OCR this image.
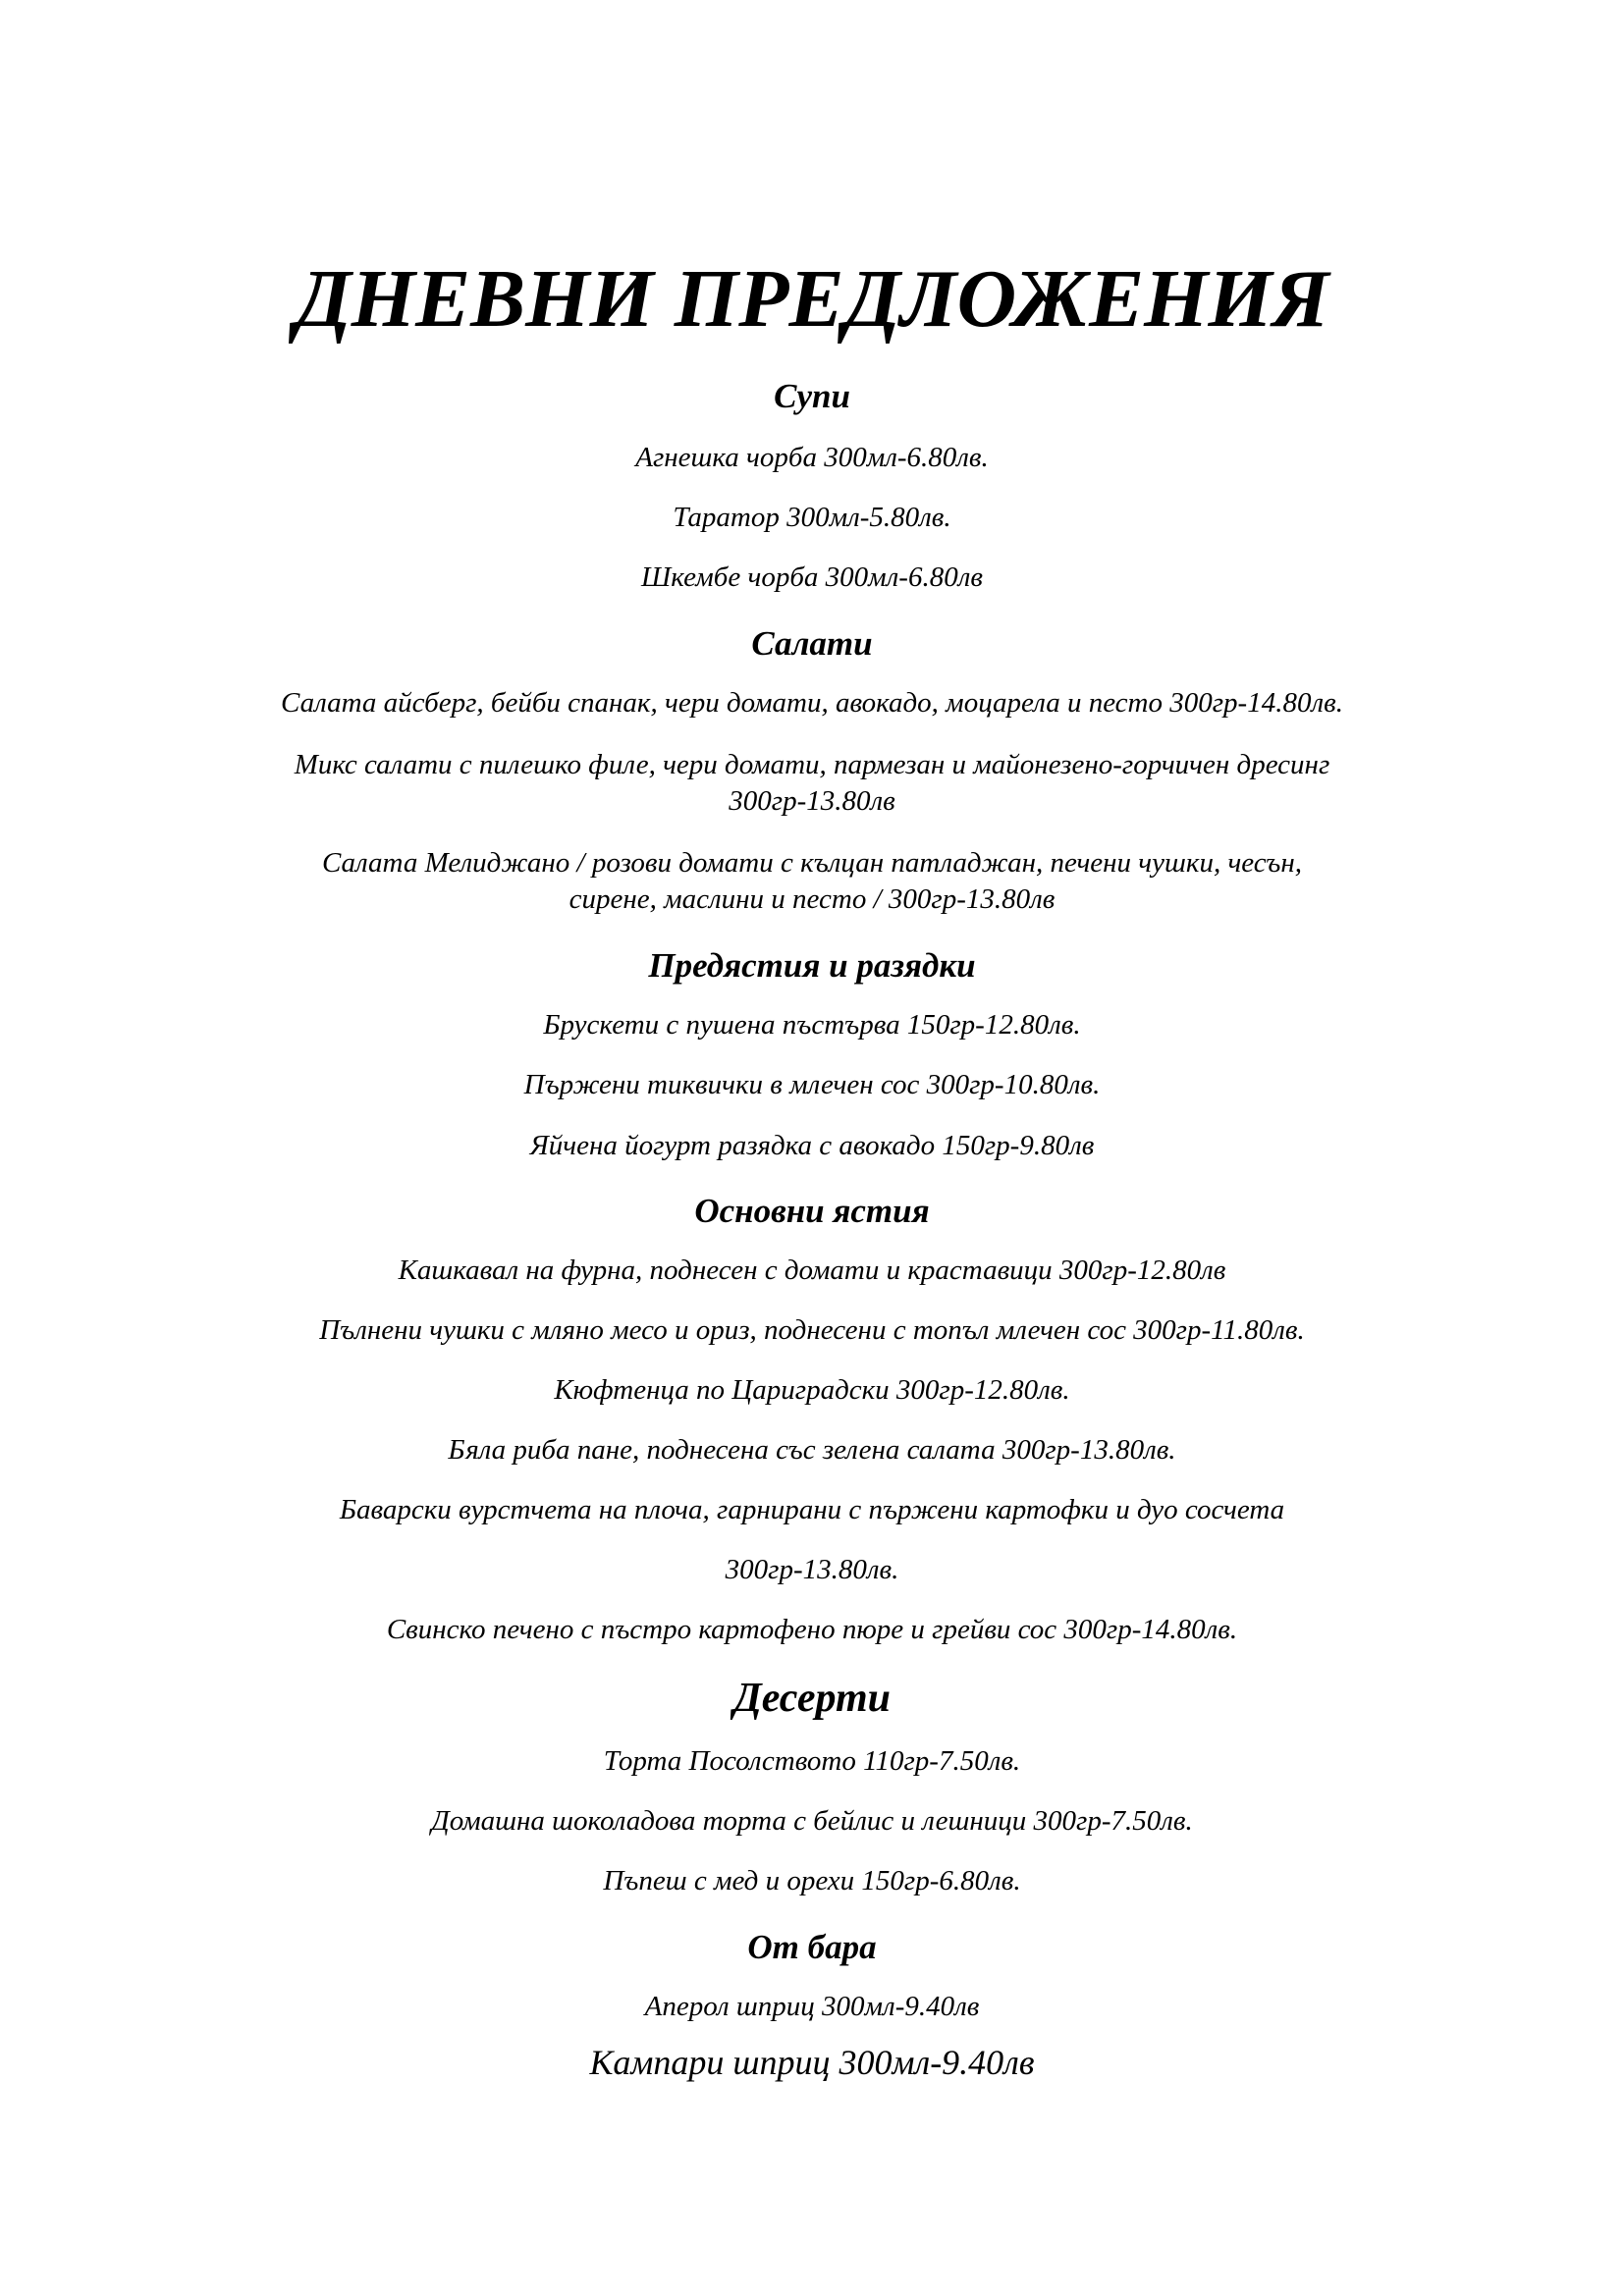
ДНЕВНИ ПРЕДЛОЖЕНИЯ
Супи

Агнешка чорба 300мл-6.80лв.

Таратор 300мл-5.80лв.

Шкембе чорба 300мл-6.80лв

Салати

Салата айсберг, бейби спанак, чери домати, авокадо, моцарела и песто 300гр-14.80лв.

Микс салати с пилешко филе, чери домати, пармезан и майонезено-горчичен дресинг

300гр-13.80лв

Салата Мелиджано / розови домати с кълцан патладжан, печени чушки, чесън,

сирене, маслини и песто / 300гр-13.80лв

Предястия и разядки

Брускети с пушена пъстърва 150гр-12.80лв.

Пържени тиквички в млечен сос 300гр-10.80лв.

Яйчена йогурт разядка с авокадо 150гр-9.80лв

Основни ястия

Кашкавал на фурна, поднесен с домати и краставици 300гр-12.80лв

Пълнени чушки с мляно месо и ориз, поднесени с топъл млечен сос 300гр-11.80лв.

Кюфтенца по Цариградски 300гр-12.80лв.

Бяла риба пане, поднесена със зелена салата 300гр-13.80лв.

Баварски вурстчета на плоча, гарнирани с пържени картофки и дуо сосчета

300гр-13.80лв.

Свинско печено с пъстро картофено пюре и грейви сос 300гр-14.80лв.

Десерти

Торта Посолството 110гр-7.50лв.

Домашна шоколадова торта с бейлис и лешници 300гр-7.50лв.

Пъпеш с мед и орехи 150гр-6.80лв.

От бара

Аперол шприц 300мл-9.40лв

Кампари шприц 300мл-9.40лв
